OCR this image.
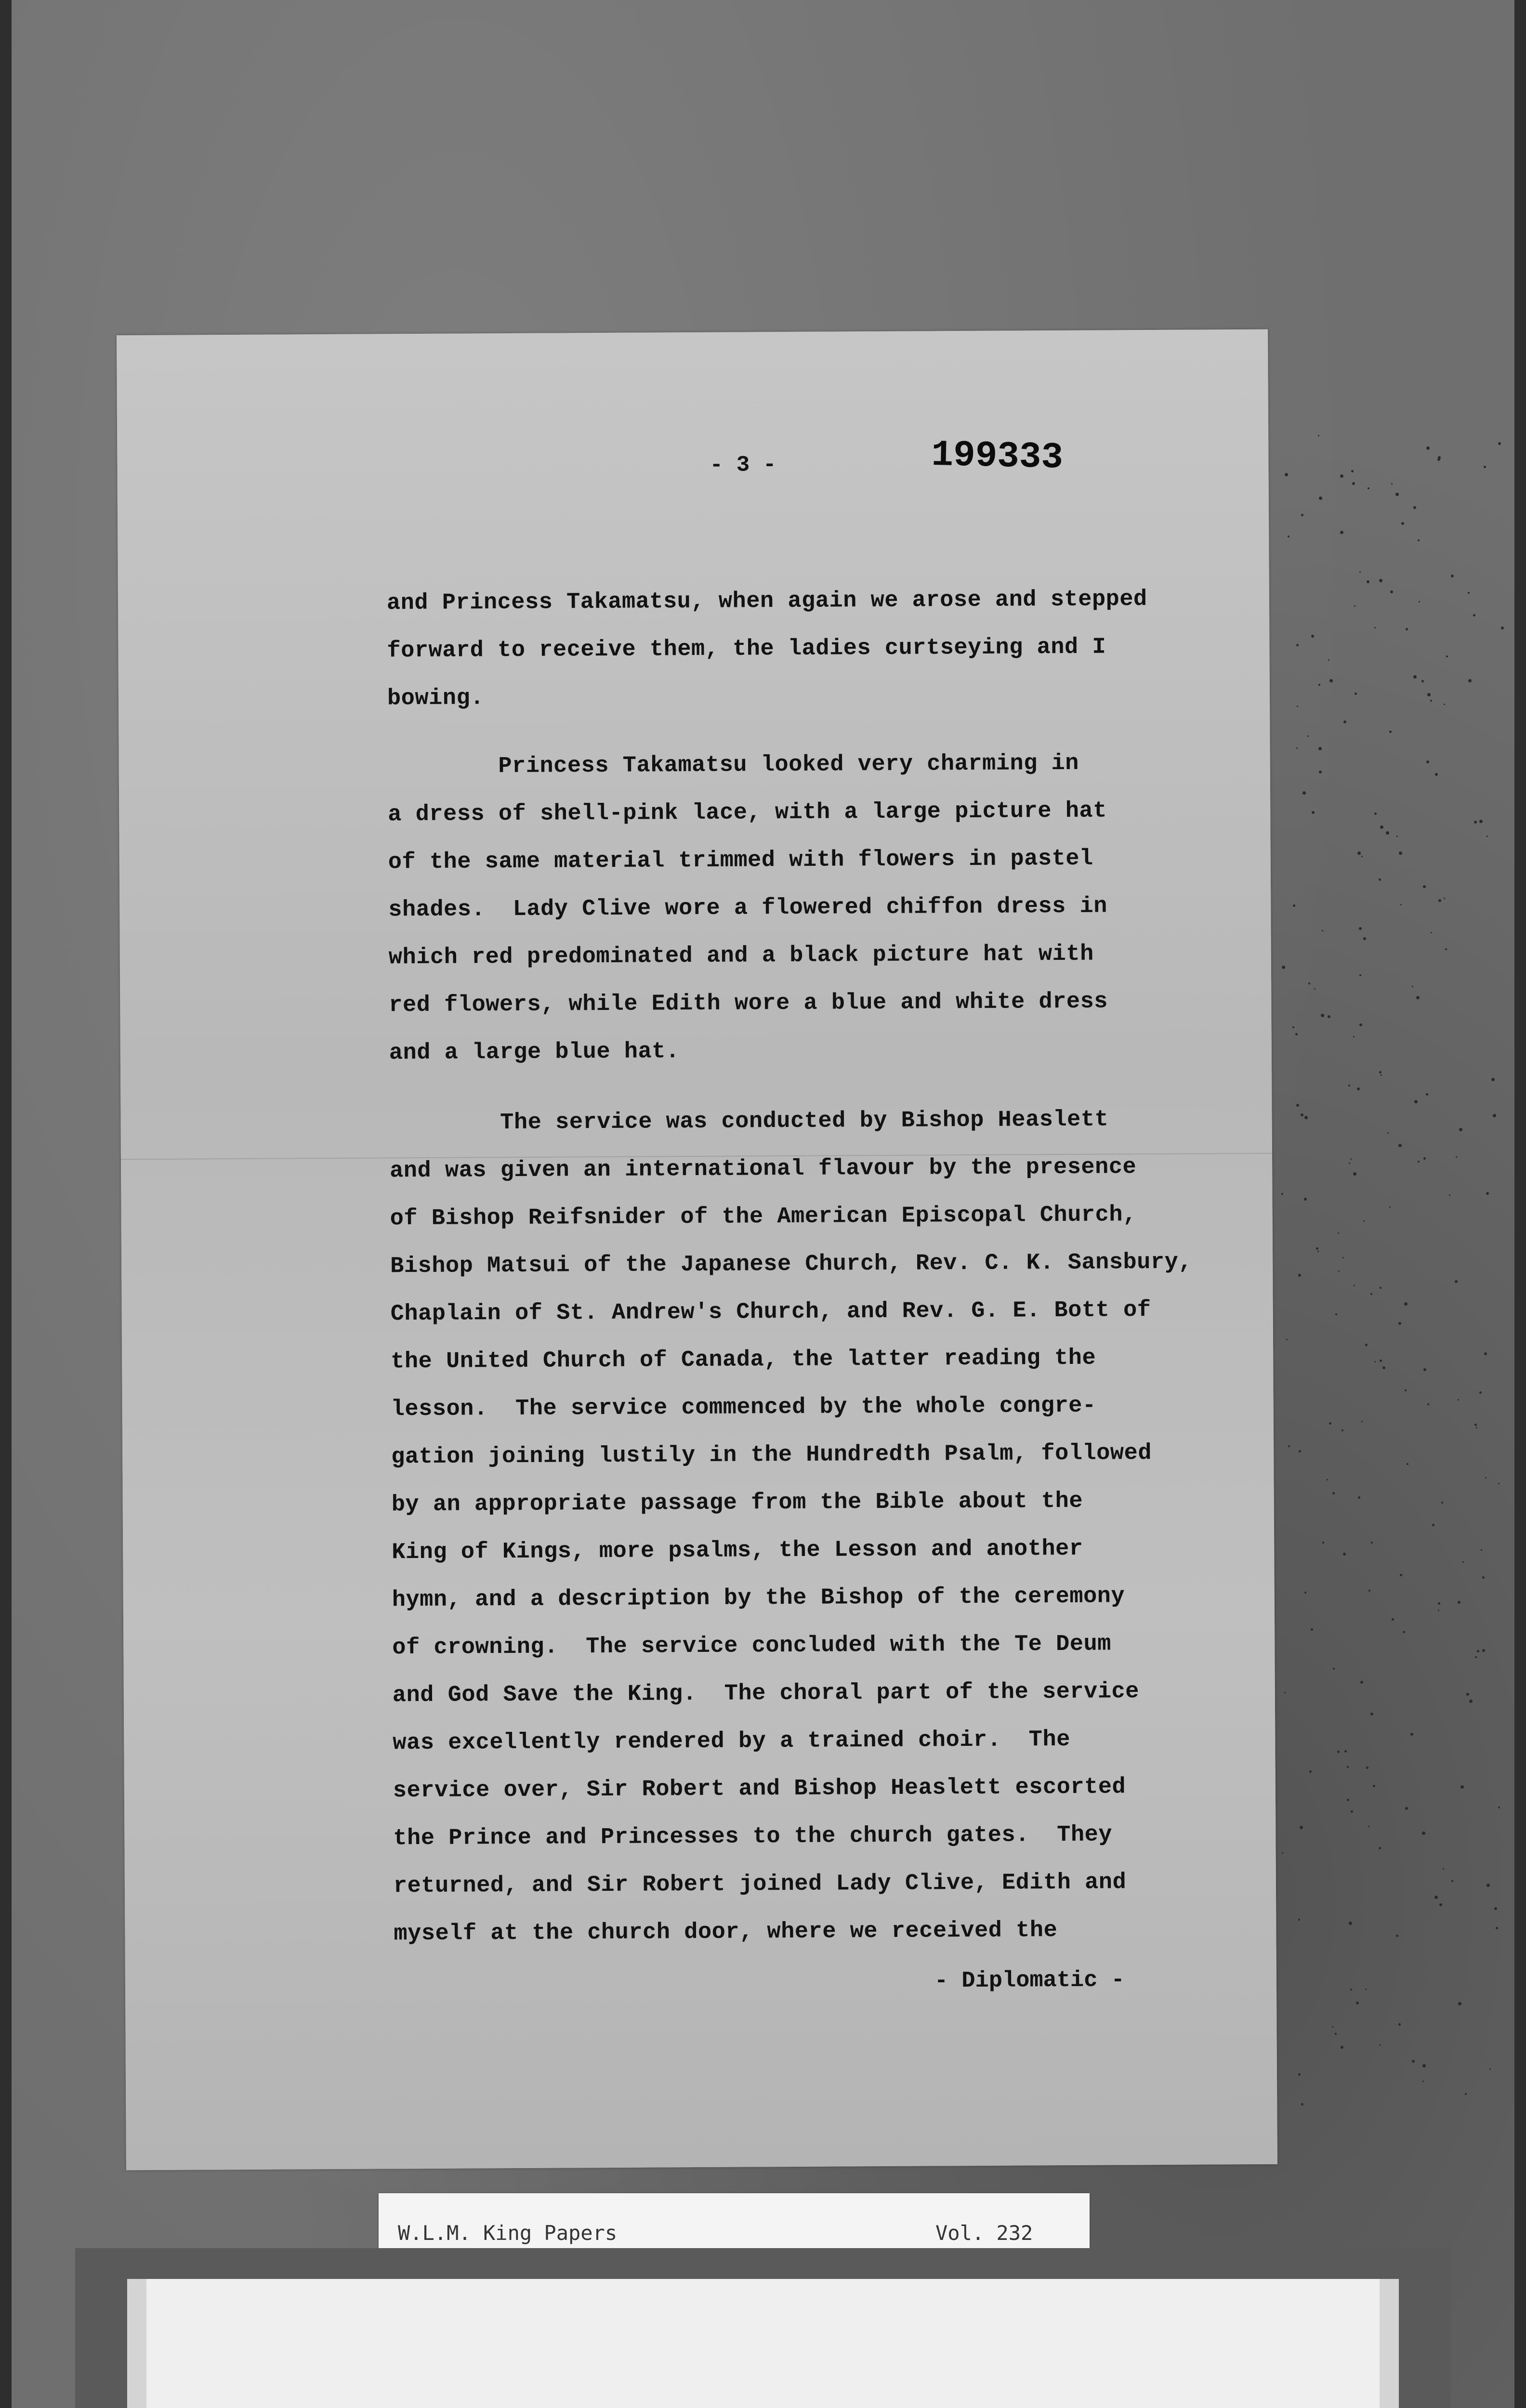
- 3 -	199333
and Princess Takamatsu, when again we arose and stepped
forward to receive them, the ladies curtseying and I
bowing.
Princess Takamatsu looked very charming in
a dress of shell-pink lace, with a large picture hat
of the same material trimmed with flowers in pastel
shades.  Lady Clive wore a flowered chiffon dress in
which red predominated and a black picture hat with
red flowers, while Edith wore a blue and white dress
and a large blue hat.
The service was conducted by Bishop Heaslett
and was given an international flavour by the presence
of Bishop Reifsnider of the American Episcopal Church,
Bishop Matsui of the Japanese Church, Rev. C. K. Sansbury,
Chaplain of St. Andrew's Church, and Rev. G. E. Bott of
the United Church of Canada, the latter reading the
lesson.  The service commenced by the whole congre-
gation joining lustily in the Hundredth Psalm, followed
by an appropriate passage from the Bible about the
King of Kings, more psalms, the Lesson and another
hymn, and a description by the Bishop of the ceremony
of crowning.  The service concluded with the Te Deum
and God Save the King.  The choral part of the service
was excellently rendered by a trained choir.  The
service over, Sir Robert and Bishop Heaslett escorted
the Prince and Princesses to the church gates.  They
returned, and Sir Robert joined Lady Clive, Edith and
myself at the church door, where we received the
- Diplomatic -
W.L.M. King Papers	Vol. 232
